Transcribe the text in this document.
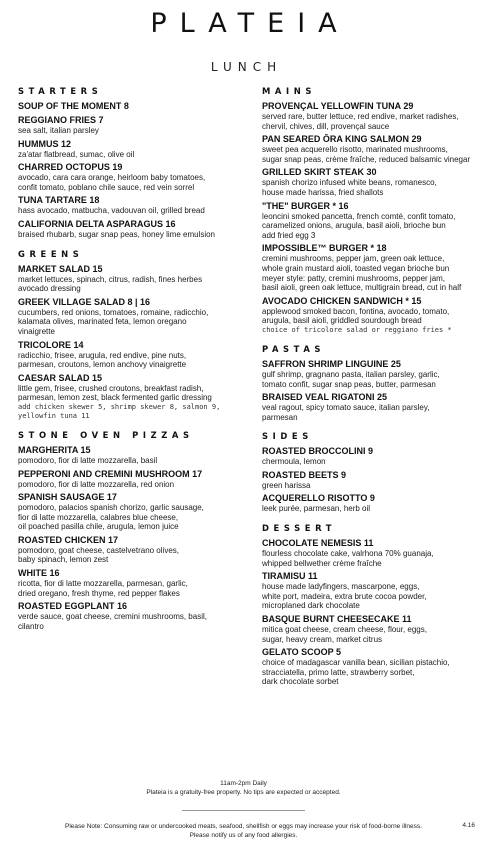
PLATEIA
LUNCH
STARTERS
SOUP OF THE MOMENT 8
REGGIANO FRIES 7
sea salt, italian parsley
HUMMUS 12
za'atar flatbread, sumac, olive oil
CHARRED OCTOPUS 19
avocado, cara cara orange, heirloom baby tomatoes,
confit tomato, poblano chile sauce, red vein sorrel
TUNA TARTARE 18
hass avocado, matbucha, vadouvan oil, grilled bread
CALIFORNIA DELTA ASPARAGUS 16
braised rhubarb, sugar snap peas, honey lime emulsion
GREENS
MARKET SALAD 15
market lettuces, spinach, citrus, radish, fines herbes
avocado dressing
GREEK VILLAGE SALAD 8 | 16
cucumbers, red onions, tomatoes, romaine, radicchio,
kalamata olives, marinated feta, lemon oregano
vinaigrette
TRICOLORE 14
radicchio, frisee, arugula, red endive, pine nuts,
parmesan, croutons, lemon anchovy vinaigrette
CAESAR SALAD 15
little gem, frisee, crushed croutons, breakfast radish,
parmesan, lemon zest, black fermented garlic dressing
add chicken skewer 5, shrimp skewer 8, salmon 9,
yellowfin tuna 11
STONE OVEN PIZZAS
MARGHERITA 15
pomodoro, fior di latte mozzarella, basil
PEPPERONI AND CREMINI MUSHROOM 17
pomodoro, fior di latte mozzarella, red onion
SPANISH SAUSAGE 17
pomodoro, palacios spanish chorizo, garlic sausage,
fior di latte mozzarella, calabres blue cheese,
oil poached pasilla chile, arugula, lemon juice
ROASTED CHICKEN 17
pomodoro, goat cheese, castelvetrano olives,
baby spinach, lemon zest
WHITE 16
ricotta, fior di latte mozzarella, parmesan, garlic,
dried oregano, fresh thyme, red pepper flakes
ROASTED EGGPLANT 16
verde sauce, goat cheese, cremini mushrooms, basil,
cilantro
MAINS
PROVENÇAL YELLOWFIN TUNA 29
served rare, butter lettuce, red endive, market radishes,
chervil, chives, dill, provençal sauce
PAN SEARED ŌRA KING SALMON 29
sweet pea acquerello risotto, marinated mushrooms,
sugar snap peas, crème fraîche, reduced balsamic vinegar
GRILLED SKIRT STEAK 30
spanish chorizo infused white beans, romanesco,
house made harissa, fried shallots
"THE" BURGER * 16
leoncini smoked pancetta, french comté, confit tomato,
caramelized onions, arugula, basil aioli, brioche bun
add fried egg 3
IMPOSSIBLE™ BURGER * 18
cremini mushrooms, pepper jam, green oak lettuce,
whole grain mustard aioli, toasted vegan brioche bun
meyer style: patty, cremini mushrooms, pepper jam,
basil aioli, green oak lettuce, multigrain bread, cut in half
AVOCADO CHICKEN SANDWICH * 15
applewood smoked bacon, fontina, avocado, tomato,
arugula, basil aioli, griddled sourdough bread
choice of tricolore salad or reggiano fries *
PASTAS
SAFFRON SHRIMP LINGUINE 25
gulf shrimp, gragnano pasta, italian parsley, garlic,
tomato confit, sugar snap peas, butter, parmesan
BRAISED VEAL RIGATONI 25
veal ragout, spicy tomato sauce, italian parsley,
parmesan
SIDES
ROASTED BROCCOLINI 9
chermoula, lemon
ROASTED BEETS 9
green harissa
ACQUERELLO RISOTTO 9
leek purée, parmesan, herb oil
DESSERT
CHOCOLATE NEMESIS 11
flourless chocolate cake, valrhona 70% guanaja,
whipped bellwether crème fraîche
TIRAMISU 11
house made ladyfingers, mascarpone, eggs,
white port, madeira, extra brute cocoa powder,
microplaned dark chocolate
BASQUE BURNT CHEESECAKE 11
mitica goat cheese, cream cheese, flour, eggs,
sugar, heavy cream, market citrus
GELATO SCOOP 5
choice of madagascar vanilla bean, sicilian pistachio,
stracciatella, primo latte, strawberry sorbet,
dark chocolate sorbet
11am-2pm Daily
Plateia is a gratuity-free property. No tips are expected or accepted.
Please Note: Consuming raw or undercooked meats, seafood, shellfish or eggs may increase your risk of food-borne illness.
Please notify us of any food allergies.
4.16
